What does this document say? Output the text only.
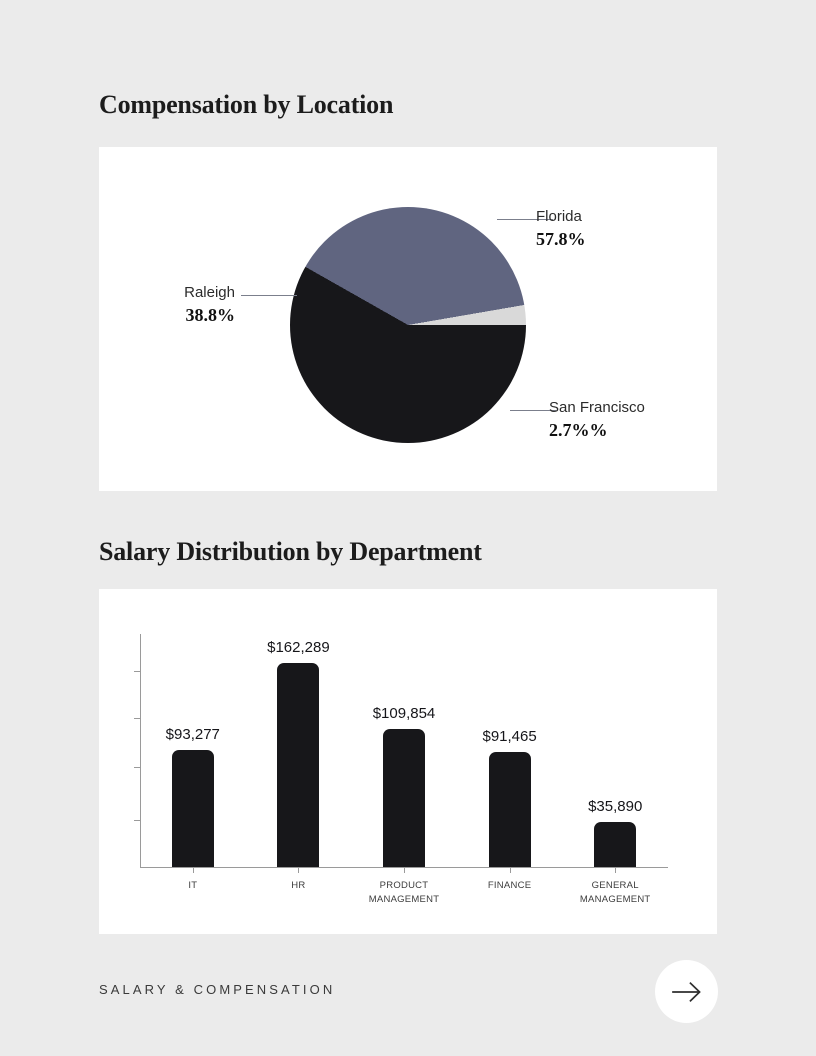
Compensation by Location
Florida
57.8%
Raleigh
38.8%
San Francisco
2.7%%
Salary Distribution by Department
$93,277
IT
$162,289
HR
$109,854
PRODUCT
MANAGEMENT
$91,465
FINANCE
$35,890
GENERAL
MANAGEMENT
SALARY & COMPENSATION
